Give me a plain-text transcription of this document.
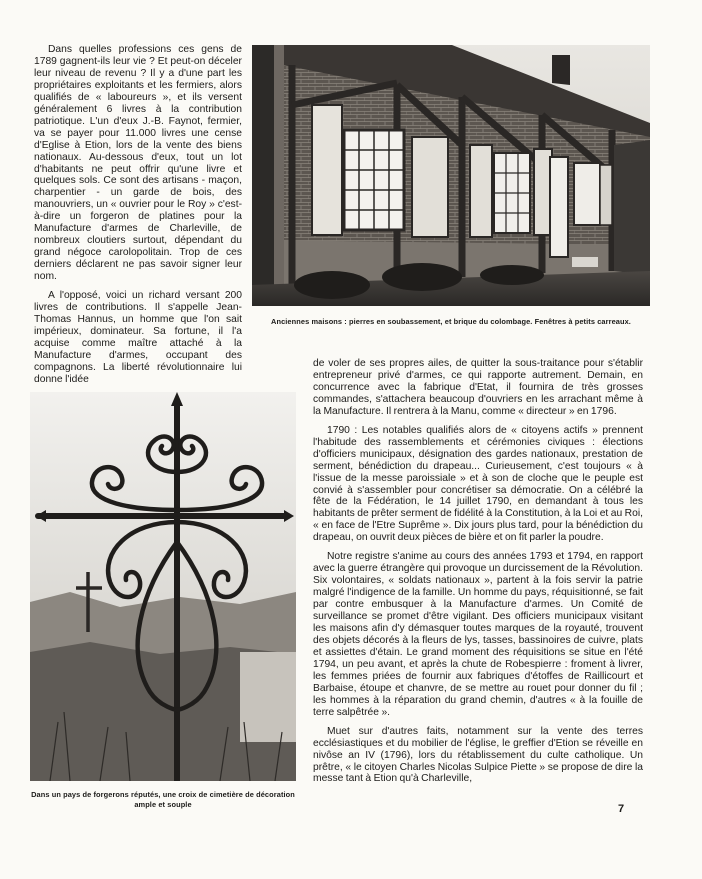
Dans quelles professions ces gens de 1789 gagnent-ils leur vie ? Et peut-on déceler leur niveau de revenu ? Il y a d'une part les propriétaires exploitants et les fermiers, alors qualifiés de « laboureurs », et ils versent généralement 6 livres à la contribution patriotique. L'un d'eux J.-B. Faynot, fermier, va se payer pour 11.000 livres une cense d'Eglise à Etion, lors de la vente des biens nationaux. Au-dessous d'eux, tout un lot d'habitants ne peut offrir qu'une livre et quelques sols. Ce sont des artisans - maçon, charpentier - un garde de bois, des manouvriers, un « ouvrier pour le Roy » c'est-à-dire un forgeron de platines pour la Manufacture d'armes de Charleville, de nombreux cloutiers surtout, dépendant du grand négoce carolopolitain. Trop de ces derniers déclarent ne pas savoir signer leur nom.

A l'opposé, voici un richard versant 200 livres de contributions. Il s'appelle Jean-Thomas Hannus, un homme que l'on sait impérieux, dominateur. Sa fortune, il l'a acquise comme maître attaché à la Manufacture d'armes, occupant des compagnons. La liberté révolutionnaire lui donne l'idée

Anciennes maisons : pierres en soubassement, et brique du colombage. Fenêtres à petits carreaux.

Dans un pays de forgerons réputés, une croix de cimetière de décoration ample et souple

de voler de ses propres ailes, de quitter la sous-traitance pour s'établir entrepreneur privé d'armes, ce qui rapporte autrement. Demain, en concurrence avec la fabrique d'Etat, il fournira de très grosses commandes, s'attachera beaucoup d'ouvriers en les arrachant même à la Manufacture. Il rentrera à la Manu, comme « directeur » en 1796.

1790 : Les notables qualifiés alors de « citoyens actifs » prennent l'habitude des rassemblements et cérémonies civiques : élections d'officiers municipaux, désignation des gardes nationaux, prestation de serment, bénédiction du drapeau... Curieusement, c'est toujours « à l'issue de la messe paroissiale » et à son de cloche que le peuple est convié à s'assembler pour concrétiser sa démocratie. On a célébré la fête de la Fédération, le 14 juillet 1790, en demandant à tous les habitants de prêter serment de fidélité à la Constitution, à la Loi et au Roi, « en face de l'Etre Suprême ». Dix jours plus tard, pour la bénédiction du drapeau, on ouvrit deux pièces de bière et on fit parler la poudre.

Notre registre s'anime au cours des années 1793 et 1794, en rapport avec la guerre étrangère qui provoque un durcissement de la Révolution. Six volontaires, « soldats nationaux », partent à la fois servir la patrie malgré l'indigence de la famille. Un homme du pays, réquisitionné, se fait par contre embusquer à la Manufacture d'armes. Un Comité de surveillance se promet d'être vigilant. Des officiers municipaux visitant les maisons afin d'y démasquer toutes marques de la royauté, trouvent des objets décorés à la fleurs de lys, tasses, bassinoires de cuivre, plats et assiettes d'étain. Le grand moment des réquisitions se situe en l'été 1794, un peu avant, et après la chute de Robespierre : froment à livrer, les femmes priées de fournir aux fabriques d'étoffes de Raillicourt et Barbaise, étoupe et chanvre, de se mettre au rouet pour donner du fil ; les hommes à la réparation du grand chemin, d'autres « à la fouille de terre salpêtrée ».

Muet sur d'autres faits, notamment sur la vente des terres ecclésiastiques et du mobilier de l'église, le greffier d'Etion se réveille en nivôse an IV (1796), lors du rétablissement du culte catholique. Un prêtre, « le citoyen Charles Nicolas Sulpice Piette » se propose de dire la messe tant à Etion qu'à Charleville,

7
